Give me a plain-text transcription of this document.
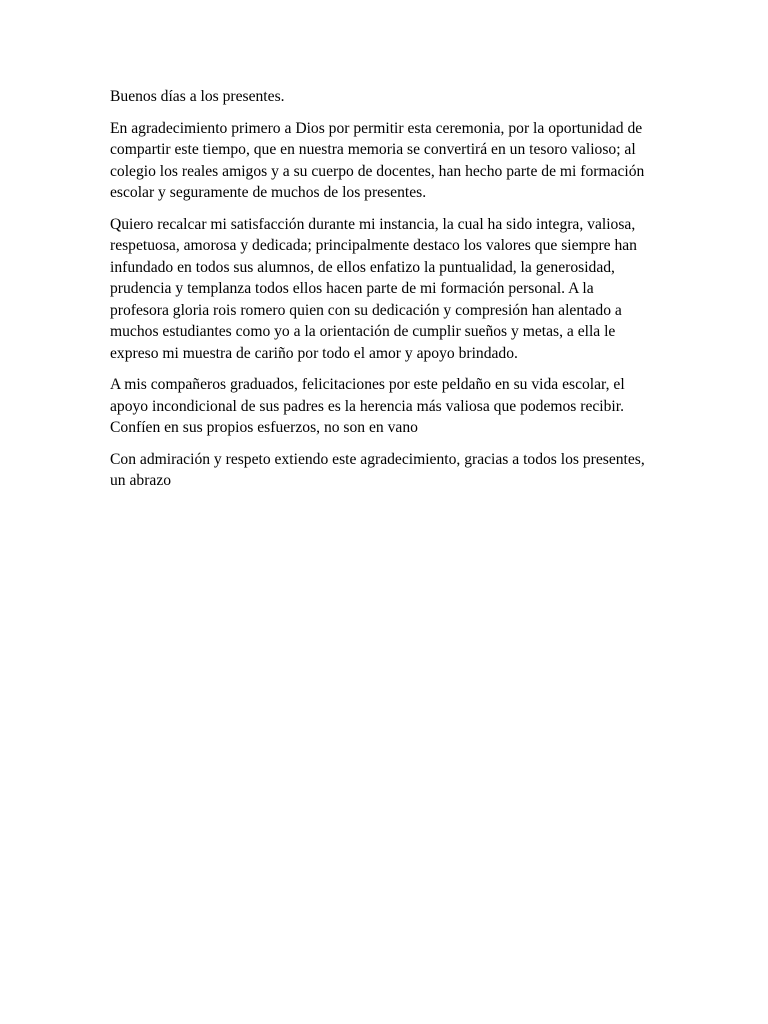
Buenos días a los presentes.

En agradecimiento primero a Dios por permitir esta ceremonia, por la oportunidad de compartir este tiempo, que en nuestra memoria se convertirá en un tesoro valioso; al colegio los reales amigos y a su cuerpo de docentes, han hecho parte de mi formación escolar y seguramente de muchos de los presentes.

Quiero recalcar mi satisfacción durante mi instancia, la cual ha sido integra, valiosa, respetuosa, amorosa y dedicada; principalmente destaco los valores que siempre han infundado en todos sus alumnos, de ellos enfatizo la puntualidad, la generosidad, prudencia y templanza todos ellos hacen parte de mi formación personal. A la profesora gloria rois romero quien con su dedicación y compresión han alentado a muchos estudiantes como yo a la orientación de cumplir sueños y metas, a ella le expreso mi muestra de cariño por todo el amor y apoyo brindado.

A mis compañeros graduados, felicitaciones por este peldaño en su vida escolar, el apoyo incondicional de sus padres es la herencia más valiosa que podemos recibir. Confíen en sus propios esfuerzos, no son en vano

Con admiración y respeto extiendo este agradecimiento, gracias a todos los presentes, un abrazo
